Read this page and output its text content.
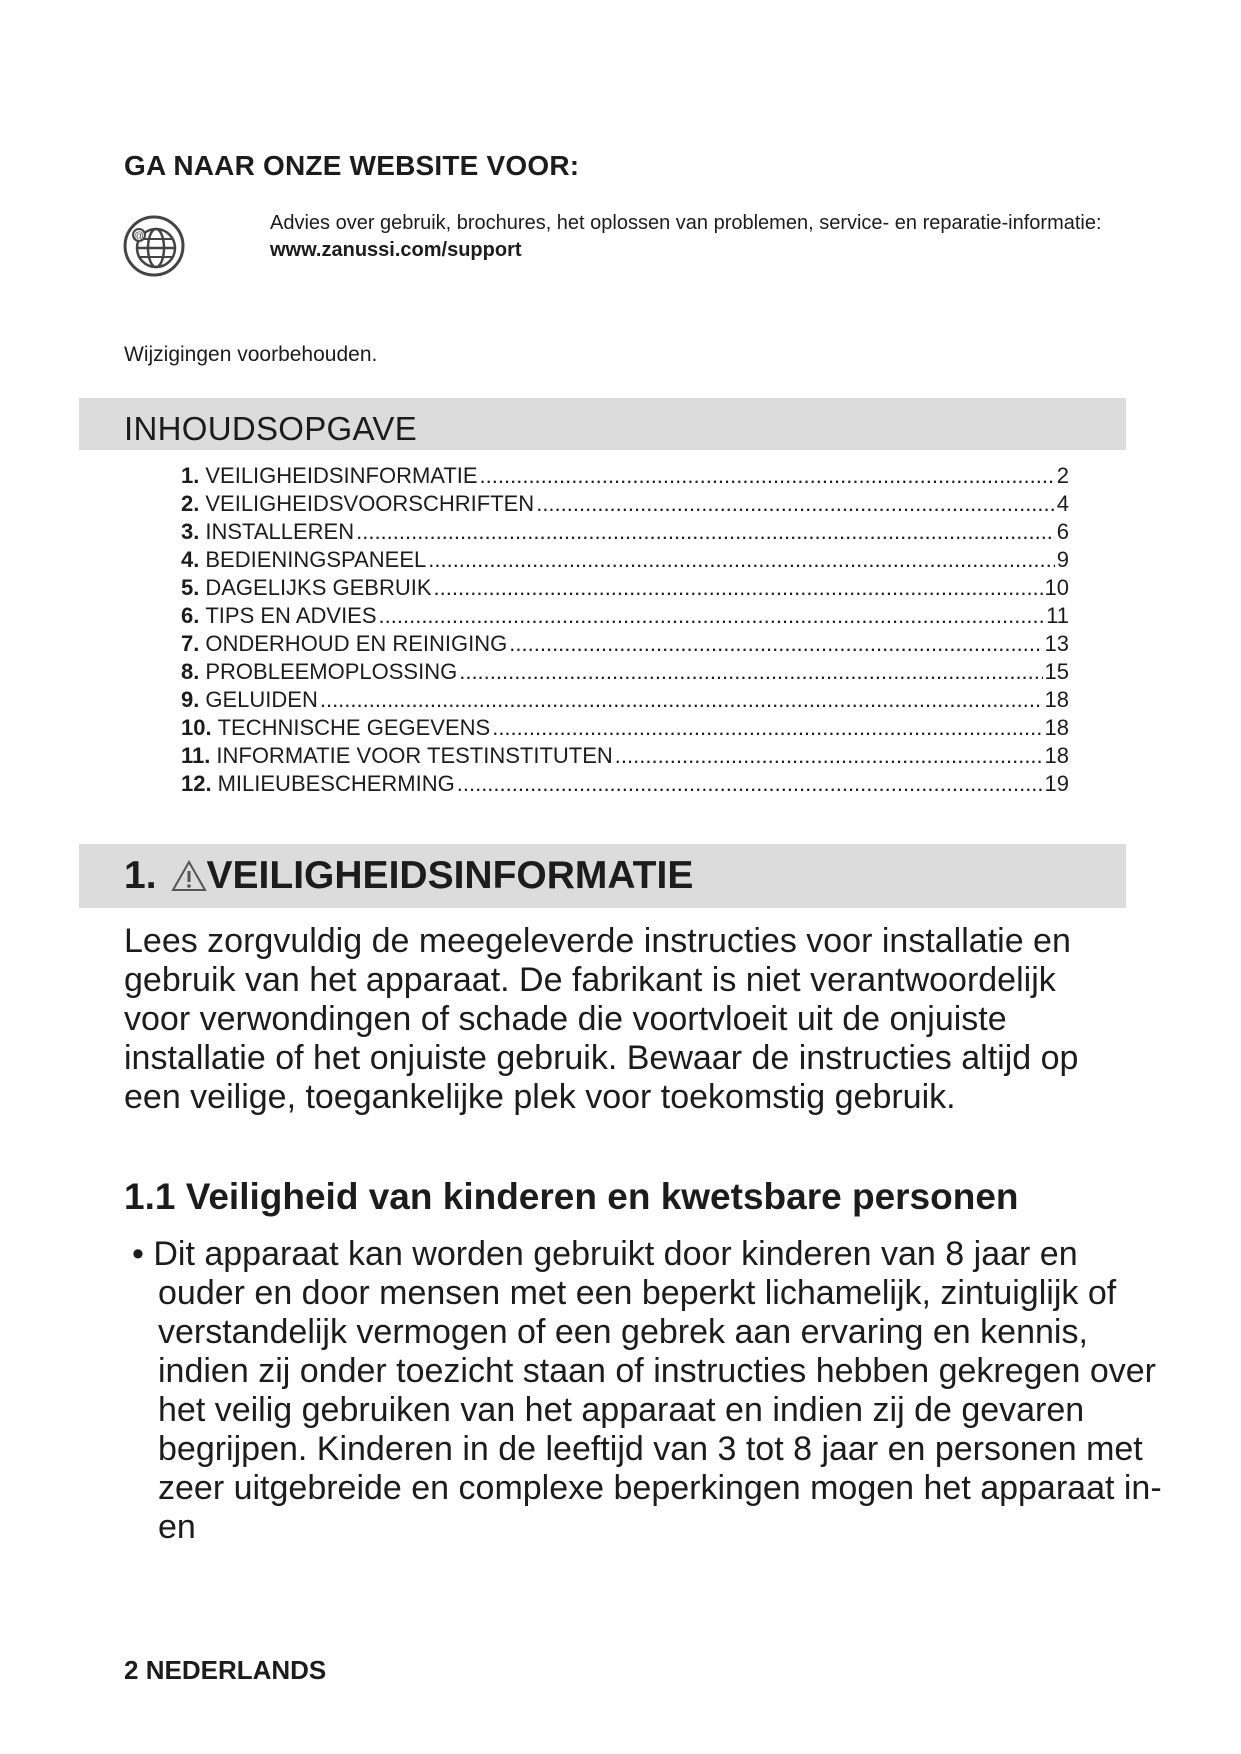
GA NAAR ONZE WEBSITE VOOR:
@
Advies over gebruik, brochures, het oplossen van problemen, service- en reparatie-informatie:
www.zanussi.com/support
Wijzigingen voorbehouden.
INHOUDSOPGAVE
1. VEILIGHEIDSINFORMATIE .....	2
2. VEILIGHEIDSVOORSCHRIFTEN .....	4
3. INSTALLEREN .....	6
4. BEDIENINGSPANEEL .....	9
5. DAGELIJKS GEBRUIK .....	10
6. TIPS EN ADVIES .....	11
7. ONDERHOUD EN REINIGING .....	13
8. PROBLEEMOPLOSSING .....	15
9. GELUIDEN .....	18
10. TECHNISCHE GEGEVENS .....	18
11. INFORMATIE VOOR TESTINSTITUTEN .....	18
12. MILIEUBESCHERMING .....	19
1. VEILIGHEIDSINFORMATIE

Lees zorgvuldig de meegeleverde instructies voor installatie en gebruik van het apparaat. De fabrikant is niet verantwoordelijk voor verwondingen of schade die voortvloeit uit de onjuiste installatie of het onjuiste gebruik. Bewaar de instructies altijd op een veilige, toegankelijke plek voor toekomstig gebruik.

1.1 Veiligheid van kinderen en kwetsbare personen

• Dit apparaat kan worden gebruikt door kinderen van 8 jaar en ouder en door mensen met een beperkt lichamelijk, zintuiglijk of verstandelijk vermogen of een gebrek aan ervaring en kennis, indien zij onder toezicht staan of instructies hebben gekregen over het veilig gebruiken van het apparaat en indien zij de gevaren begrijpen. Kinderen in de leeftijd van 3 tot 8 jaar en personen met zeer uitgebreide en complexe beperkingen mogen het apparaat in- en

2 NEDERLANDS
